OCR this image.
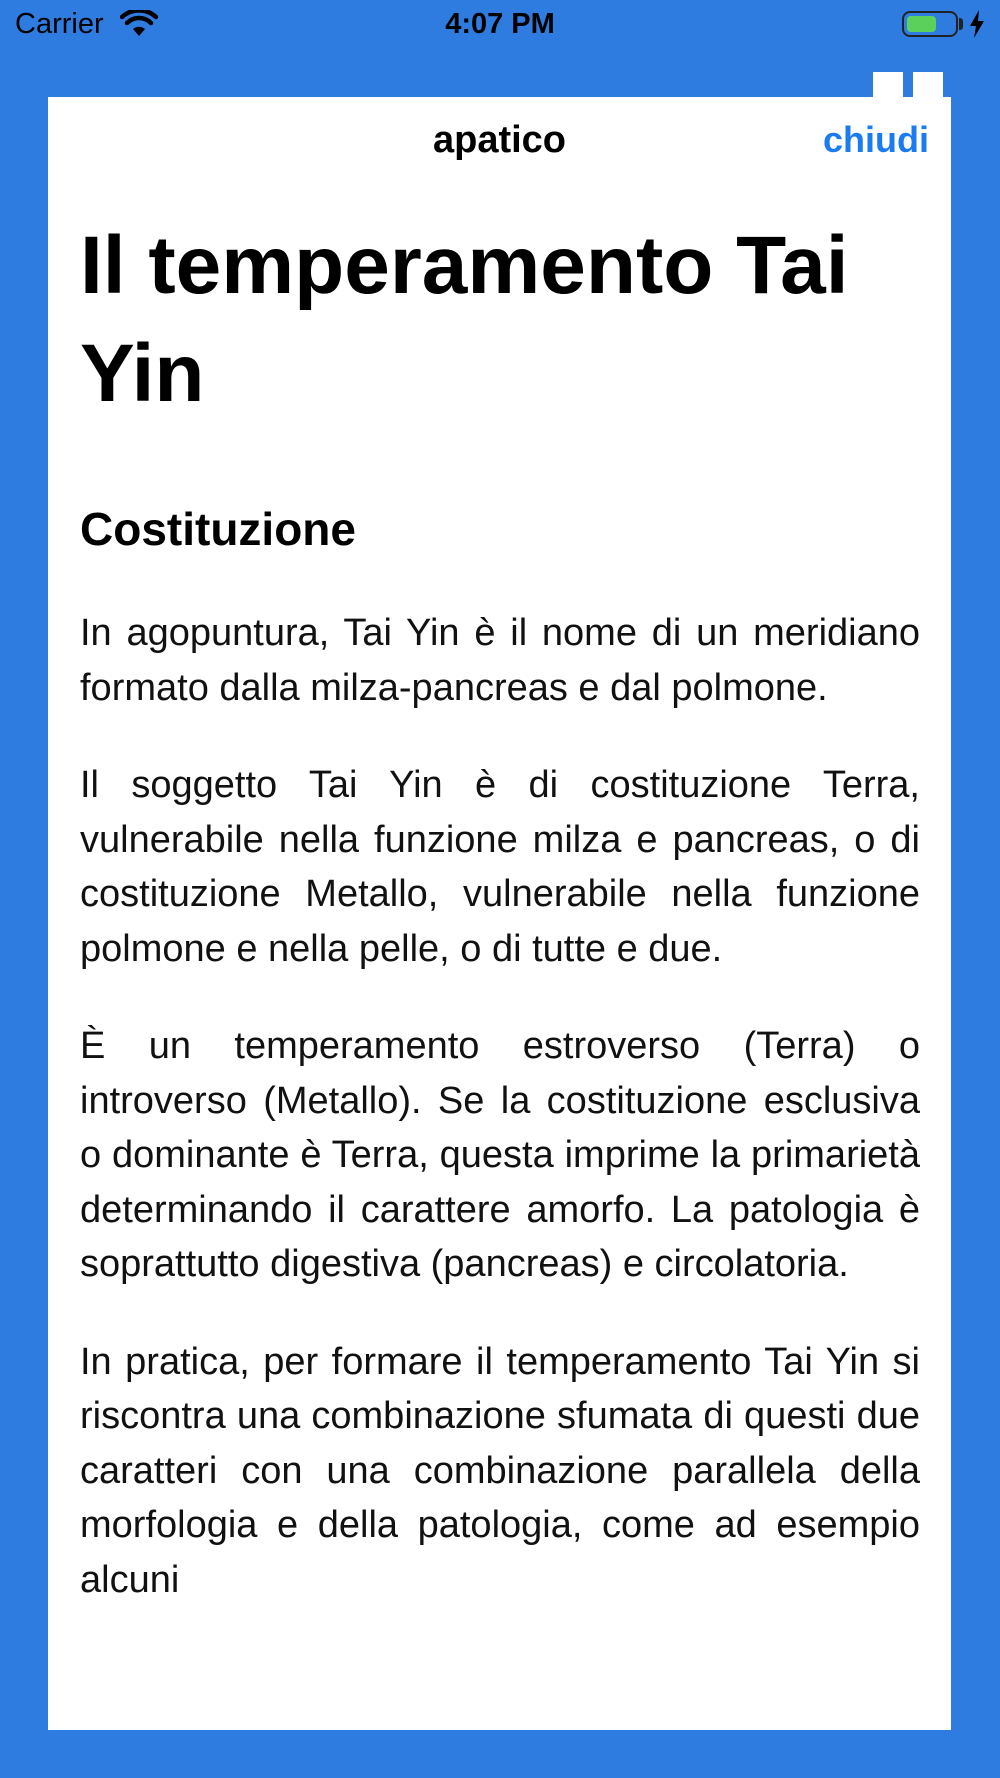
Carrier	4:07 PM
apatico	chiudi
Il temperamento Tai Yin
Costituzione

In agopuntura, Tai Yin è il nome di un meridiano formato dalla milza-pancreas e dal polmone.

Il soggetto Tai Yin è di costituzione Terra, vulnerabile nella funzione milza e pancreas, o di costituzione Metallo, vulnerabile nella funzione polmone e nella pelle, o di tutte e due.

È un temperamento estroverso (Terra) o introverso (Metallo). Se la costituzione esclusiva o dominante è Terra, questa imprime la primarietà determinando il carattere amorfo. La patologia è soprattutto digestiva (pancreas) e circolatoria.

In pratica, per formare il temperamento Tai Yin si riscontra una combinazione sfumata di questi due caratteri con una combinazione parallela della morfologia e della patologia, come ad esempio alcuni
